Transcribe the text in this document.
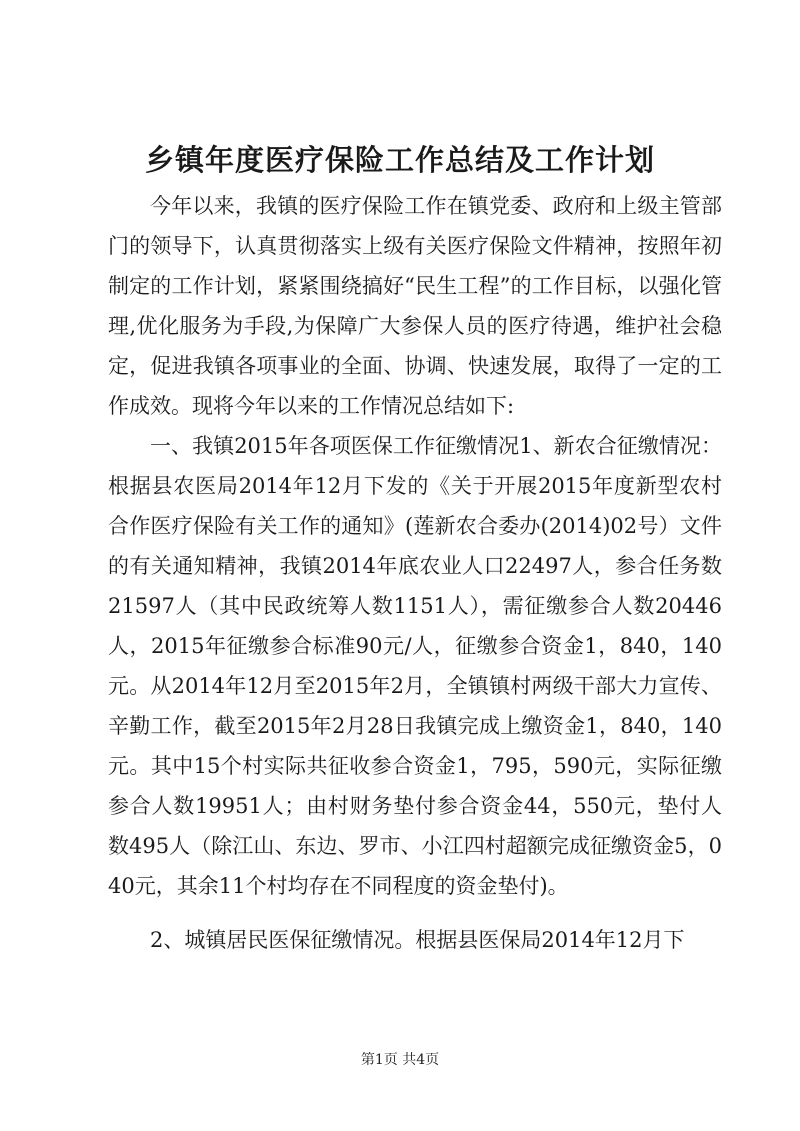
乡镇年度医疗保险工作总结及工作计划

今年以来，我镇的医疗保险工作在镇党委、政府和上级主管部门的领导下，认真贯彻落实上级有关医疗保险文件精神，按照年初制定的工作计划，紧紧围绕搞好“民生工程”的工作目标，以强化管理,优化服务为手段,为保障广大参保人员的医疗待遇，维护社会稳定，促进我镇各项事业的全面、协调、快速发展，取得了一定的工作成效。现将今年以来的工作情况总结如下:

一、我镇2015年各项医保工作征缴情况1、新农合征缴情况：根据县农医局2014年12月下发的《关于开展2015年度新型农村合作医疗保险有关工作的通知》(莲新农合委办(2014)02号）文件的有关通知精神，我镇2014年底农业人口22497人，参合任务数21597人（其中民政统筹人数1151人），需征缴参合人数20446人，2015年征缴参合标准90元/人，征缴参合资金1，840，140元。从2014年12月至2015年2月，全镇镇村两级干部大力宣传、辛勤工作，截至2015年2月28日我镇完成上缴资金1，840，140元。其中15个村实际共征收参合资金1，795，590元，实际征缴参合人数19951人；由村财务垫付参合资金44，550元，垫付人数495人（除江山、东边、罗市、小江四村超额完成征缴资金5，040元，其余11个村均存在不同程度的资金垫付)。

2、城镇居民医保征缴情况。根据县医保局2014年12月下

第1页 共4页
